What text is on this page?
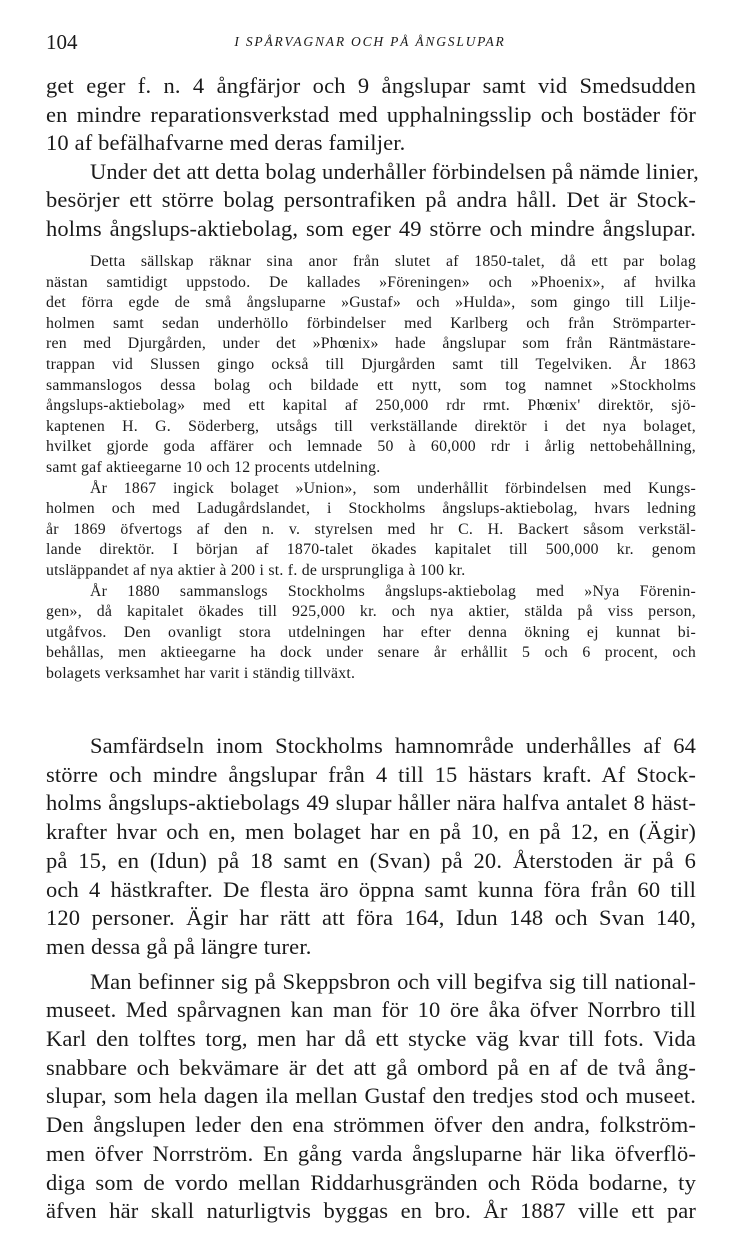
104	I SPÅRVAGNAR OCH PÅ ÅNGSLUPAR
get eger f. n. 4 ångfärjor och 9 ångslupar samt vid Smedsudden
en mindre reparationsverkstad med upphalningsslip och bostäder för
10 af befälhafvarne med deras familjer.
Under det att detta bolag underhåller förbindelsen på nämde linier,
besörjer ett större bolag persontrafiken på andra håll. Det är Stock-
holms ångslups-aktiebolag, som eger 49 större och mindre ångslupar.
Detta sällskap räknar sina anor från slutet af 1850-talet, då ett par bolag
nästan samtidigt uppstodo. De kallades »Föreningen» och »Phoenix», af hvilka
det förra egde de små ångsluparne »Gustaf» och »Hulda», som gingo till Lilje-
holmen samt sedan underhöllo förbindelser med Karlberg och från Strömparter-
ren med Djurgården, under det »Phœnix» hade ångslupar som från Räntmästare-
trappan vid Slussen gingo också till Djurgården samt till Tegelviken. År 1863
sammanslogos dessa bolag och bildade ett nytt, som tog namnet »Stockholms
ångslups-aktiebolag» med ett kapital af 250,000 rdr rmt. Phœnix' direktör, sjö-
kaptenen H. G. Söderberg, utsågs till verkställande direktör i det nya bolaget,
hvilket gjorde goda affärer och lemnade 50 à 60,000 rdr i årlig nettobehållning,
samt gaf aktieegarne 10 och 12 procents utdelning.
År 1867 ingick bolaget »Union», som underhållit förbindelsen med Kungs-
holmen och med Ladugårdslandet, i Stockholms ångslups-aktiebolag, hvars ledning
år 1869 öfvertogs af den n. v. styrelsen med hr C. H. Backert såsom verkstäl-
lande direktör. I början af 1870-talet ökades kapitalet till 500,000 kr. genom
utsläppandet af nya aktier à 200 i st. f. de ursprungliga à 100 kr.
År 1880 sammanslogs Stockholms ångslups-aktiebolag med »Nya Förenin-
gen», då kapitalet ökades till 925,000 kr. och nya aktier, stälda på viss person,
utgåfvos. Den ovanligt stora utdelningen har efter denna ökning ej kunnat bi-
behållas, men aktieegarne ha dock under senare år erhållit 5 och 6 procent, och
bolagets verksamhet har varit i ständig tillväxt.
Samfärdseln inom Stockholms hamnområde underhålles af 64
större och mindre ångslupar från 4 till 15 hästars kraft. Af Stock-
holms ångslups-aktiebolags 49 slupar håller nära halfva antalet 8 häst-
krafter hvar och en, men bolaget har en på 10, en på 12, en (Ägir)
på 15, en (Idun) på 18 samt en (Svan) på 20. Återstoden är på 6
och 4 hästkrafter. De flesta äro öppna samt kunna föra från 60 till
120 personer. Ägir har rätt att föra 164, Idun 148 och Svan 140,
men dessa gå på längre turer.
Man befinner sig på Skeppsbron och vill begifva sig till national-
museet. Med spårvagnen kan man för 10 öre åka öfver Norrbro till
Karl den tolftes torg, men har då ett stycke väg kvar till fots. Vida
snabbare och bekvämare är det att gå ombord på en af de två ång-
slupar, som hela dagen ila mellan Gustaf den tredjes stod och museet.
Den ångslupen leder den ena strömmen öfver den andra, folkström-
men öfver Norrström. En gång varda ångsluparne här lika öfverflö-
diga som de vordo mellan Riddarhusgränden och Röda bodarne, ty
äfven här skall naturligtvis byggas en bro. År 1887 ville ett par
